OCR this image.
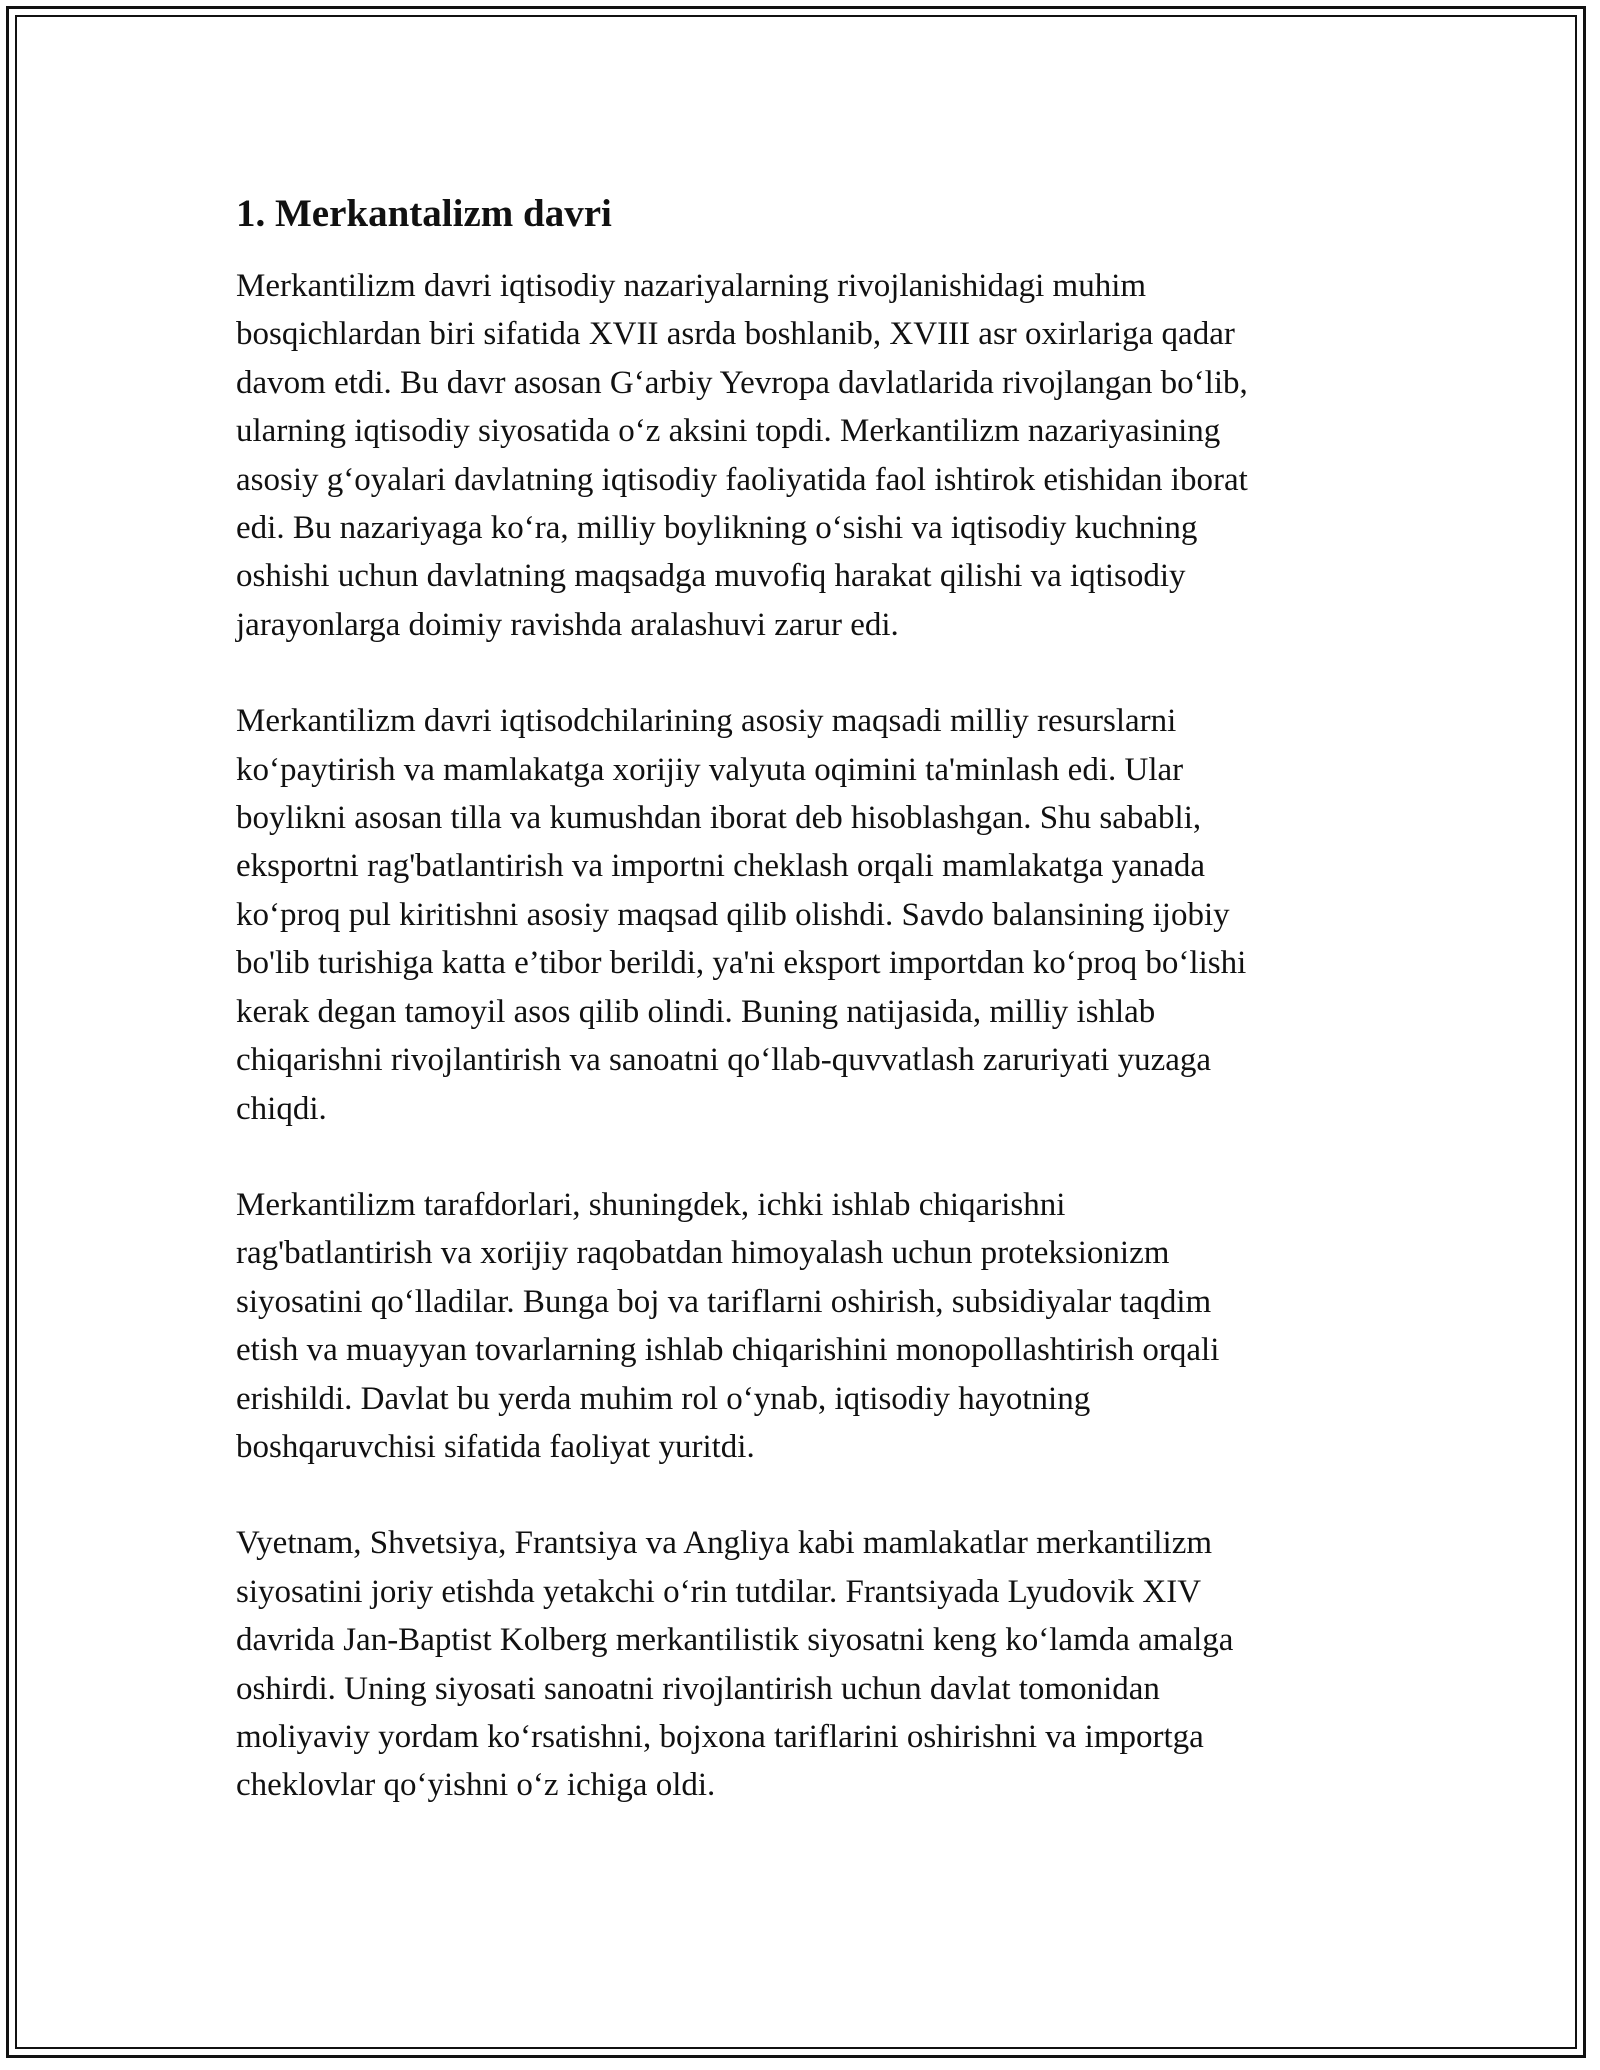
1. Merkantalizm davri

Merkantilizm davri iqtisodiy nazariyalarning rivojlanishidagi muhim
bosqichlardan biri sifatida XVII asrda boshlanib, XVIII asr oxirlariga qadar
davom etdi. Bu davr asosan G‘arbiy Yevropa davlatlarida rivojlangan bo‘lib,
ularning iqtisodiy siyosatida o‘z aksini topdi. Merkantilizm nazariyasining
asosiy g‘oyalari davlatning iqtisodiy faoliyatida faol ishtirok etishidan iborat
edi. Bu nazariyaga ko‘ra, milliy boylikning o‘sishi va iqtisodiy kuchning
oshishi uchun davlatning maqsadga muvofiq harakat qilishi va iqtisodiy
jarayonlarga doimiy ravishda aralashuvi zarur edi.

Merkantilizm davri iqtisodchilarining asosiy maqsadi milliy resurslarni
ko‘paytirish va mamlakatga xorijiy valyuta oqimini ta'minlash edi. Ular
boylikni asosan tilla va kumushdan iborat deb hisoblashgan. Shu sababli,
eksportni rag'batlantirish va importni cheklash orqali mamlakatga yanada
ko‘proq pul kiritishni asosiy maqsad qilib olishdi. Savdo balansining ijobiy
bo'lib turishiga katta e’tibor berildi, ya'ni eksport importdan ko‘proq bo‘lishi
kerak degan tamoyil asos qilib olindi. Buning natijasida, milliy ishlab
chiqarishni rivojlantirish va sanoatni qo‘llab-quvvatlash zaruriyati yuzaga
chiqdi.

Merkantilizm tarafdorlari, shuningdek, ichki ishlab chiqarishni
rag'batlantirish va xorijiy raqobatdan himoyalash uchun proteksionizm
siyosatini qo‘lladilar. Bunga boj va tariflarni oshirish, subsidiyalar taqdim
etish va muayyan tovarlarning ishlab chiqarishini monopollashtirish orqali
erishildi. Davlat bu yerda muhim rol o‘ynab, iqtisodiy hayotning
boshqaruvchisi sifatida faoliyat yuritdi.

Vyetnam, Shvetsiya, Frantsiya va Angliya kabi mamlakatlar merkantilizm
siyosatini joriy etishda yetakchi o‘rin tutdilar. Frantsiyada Lyudovik XIV
davrida Jan-Baptist Kolberg merkantilistik siyosatni keng ko‘lamda amalga
oshirdi. Uning siyosati sanoatni rivojlantirish uchun davlat tomonidan
moliyaviy yordam ko‘rsatishni, bojxona tariflarini oshirishni va importga
cheklovlar qo‘yishni o‘z ichiga oldi.
